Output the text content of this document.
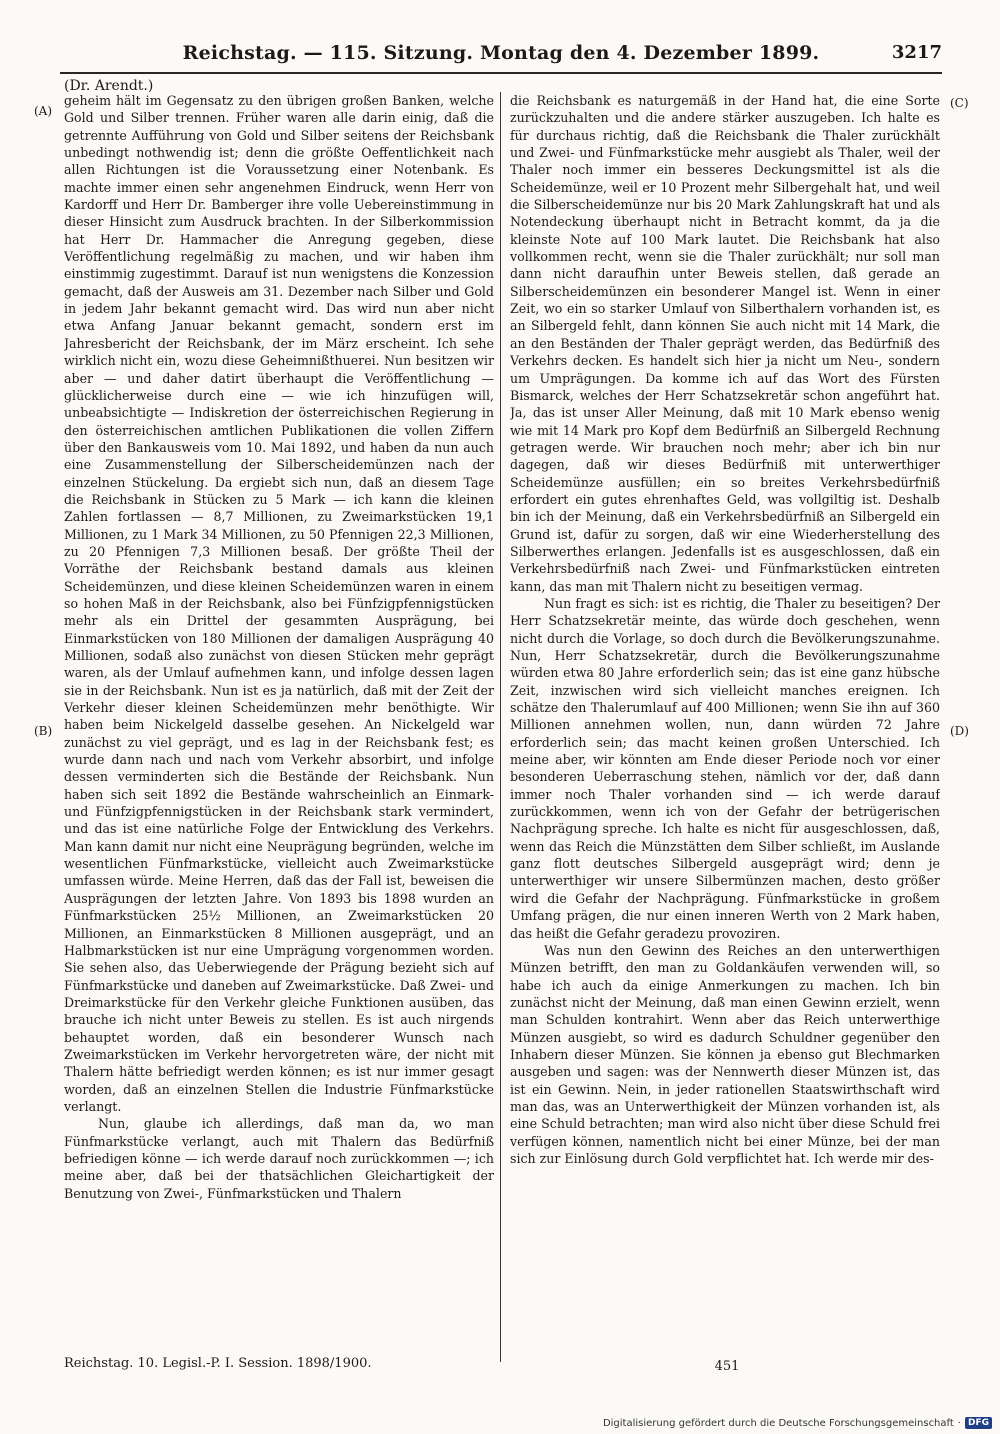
Reichstag. — 115. Sitzung. Montag den 4. Dezember 1899.	3217
(Dr. Arendt.)
(A)
(B)
(C)
(D)

geheim hält im Gegensatz zu den übrigen großen Banken, welche Gold und Silber trennen. Früher waren alle darin einig, daß die getrennte Aufführung von Gold und Silber seitens der Reichsbank unbedingt nothwendig ist; denn die größte Oeffentlichkeit nach allen Richtungen ist die Voraussetzung einer Notenbank. Es machte immer einen sehr angenehmen Eindruck, wenn Herr von Kardorff und Herr Dr. Bamberger ihre volle Uebereinstimmung in dieser Hinsicht zum Ausdruck brachten. In der Silberkommission hat Herr Dr. Hammacher die Anregung gegeben, diese Veröffentlichung regelmäßig zu machen, und wir haben ihm einstimmig zugestimmt. Darauf ist nun wenigstens die Konzession gemacht, daß der Ausweis am 31. Dezember nach Silber und Gold in jedem Jahr bekannt gemacht wird. Das wird nun aber nicht etwa Anfang Januar bekannt gemacht, sondern erst im Jahresbericht der Reichsbank, der im März erscheint. Ich sehe wirklich nicht ein, wozu diese Geheimnißthuerei. Nun besitzen wir aber — und daher datirt überhaupt die Veröffentlichung — glücklicherweise durch eine — wie ich hinzufügen will, unbeabsichtigte — Indiskretion der österreichischen Regierung in den österreichischen amtlichen Publikationen die vollen Ziffern über den Bankausweis vom 10. Mai 1892, und haben da nun auch eine Zusammenstellung der Silberscheidemünzen nach der einzelnen Stückelung. Da ergiebt sich nun, daß an diesem Tage die Reichsbank in Stücken zu 5 Mark — ich kann die kleinen Zahlen fortlassen — 8,7 Millionen, zu Zweimarkstücken 19,1 Millionen, zu 1 Mark 34 Millionen, zu 50 Pfennigen 22,3 Millionen, zu 20 Pfennigen 7,3 Millionen besaß. Der größte Theil der Vorräthe der Reichsbank bestand damals aus kleinen Scheidemünzen, und diese kleinen Scheidemünzen waren in einem so hohen Maß in der Reichsbank, also bei Fünfzigpfennigstücken mehr als ein Drittel der gesammten Ausprägung, bei Einmarkstücken von 180 Millionen der damaligen Ausprägung 40 Millionen, sodaß also zunächst von diesen Stücken mehr geprägt waren, als der Umlauf aufnehmen kann, und infolge dessen lagen sie in der Reichsbank. Nun ist es ja natürlich, daß mit der Zeit der Verkehr dieser kleinen Scheidemünzen mehr benöthigte. Wir haben beim Nickelgeld dasselbe gesehen. An Nickelgeld war zunächst zu viel geprägt, und es lag in der Reichsbank fest; es wurde dann nach und nach vom Verkehr absorbirt, und infolge dessen verminderten sich die Bestände der Reichsbank. Nun haben sich seit 1892 die Bestände wahrscheinlich an Einmark- und Fünfzigpfennigstücken in der Reichsbank stark vermindert, und das ist eine natürliche Folge der Entwicklung des Verkehrs. Man kann damit nur nicht eine Neuprägung begründen, welche im wesentlichen Fünfmarkstücke, vielleicht auch Zweimarkstücke umfassen würde. Meine Herren, daß das der Fall ist, beweisen die Ausprägungen der letzten Jahre. Von 1893 bis 1898 wurden an Fünfmarkstücken 25½ Millionen, an Zweimarkstücken 20 Millionen, an Einmarkstücken 8 Millionen ausgeprägt, und an Halbmarkstücken ist nur eine Umprägung vorgenommen worden. Sie sehen also, das Ueberwiegende der Prägung bezieht sich auf Fünfmarkstücke und daneben auf Zweimarkstücke. Daß Zwei- und Dreimarkstücke für den Verkehr gleiche Funktionen ausüben, das brauche ich nicht unter Beweis zu stellen. Es ist auch nirgends behauptet worden, daß ein besonderer Wunsch nach Zweimarkstücken im Verkehr hervorgetreten wäre, der nicht mit Thalern hätte befriedigt werden können; es ist nur immer gesagt worden, daß an einzelnen Stellen die Industrie Fünfmarkstücke verlangt.

Nun, glaube ich allerdings, daß man da, wo man Fünfmarkstücke verlangt, auch mit Thalern das Bedürfniß befriedigen könne — ich werde darauf noch zurückkommen —; ich meine aber, daß bei der thatsächlichen Gleichartigkeit der Benutzung von Zwei-, Fünfmarkstücken und Thalern

die Reichsbank es naturgemäß in der Hand hat, die eine Sorte zurückzuhalten und die andere stärker auszugeben. Ich halte es für durchaus richtig, daß die Reichsbank die Thaler zurückhält und Zwei- und Fünfmarkstücke mehr ausgiebt als Thaler, weil der Thaler noch immer ein besseres Deckungsmittel ist als die Scheidemünze, weil er 10 Prozent mehr Silbergehalt hat, und weil die Silberscheidemünze nur bis 20 Mark Zahlungskraft hat und als Notendeckung überhaupt nicht in Betracht kommt, da ja die kleinste Note auf 100 Mark lautet. Die Reichsbank hat also vollkommen recht, wenn sie die Thaler zurückhält; nur soll man dann nicht daraufhin unter Beweis stellen, daß gerade an Silberscheidemünzen ein besonderer Mangel ist. Wenn in einer Zeit, wo ein so starker Umlauf von Silberthalern vorhanden ist, es an Silbergeld fehlt, dann können Sie auch nicht mit 14 Mark, die an den Beständen der Thaler geprägt werden, das Bedürfniß des Verkehrs decken. Es handelt sich hier ja nicht um Neu-, sondern um Umprägungen. Da komme ich auf das Wort des Fürsten Bismarck, welches der Herr Schatzsekretär schon angeführt hat. Ja, das ist unser Aller Meinung, daß mit 10 Mark ebenso wenig wie mit 14 Mark pro Kopf dem Bedürfniß an Silbergeld Rechnung getragen werde. Wir brauchen noch mehr; aber ich bin nur dagegen, daß wir dieses Bedürfniß mit unterwerthiger Scheidemünze ausfüllen; ein so breites Verkehrsbedürfniß erfordert ein gutes ehrenhaftes Geld, was vollgiltig ist. Deshalb bin ich der Meinung, daß ein Verkehrsbedürfniß an Silbergeld ein Grund ist, dafür zu sorgen, daß wir eine Wiederherstellung des Silberwerthes erlangen. Jedenfalls ist es ausgeschlossen, daß ein Verkehrsbedürfniß nach Zwei- und Fünfmarkstücken eintreten kann, das man mit Thalern nicht zu beseitigen vermag.

Nun fragt es sich: ist es richtig, die Thaler zu beseitigen? Der Herr Schatzsekretär meinte, das würde doch geschehen, wenn nicht durch die Vorlage, so doch durch die Bevölkerungszunahme. Nun, Herr Schatzsekretär, durch die Bevölkerungszunahme würden etwa 80 Jahre erforderlich sein; das ist eine ganz hübsche Zeit, inzwischen wird sich vielleicht manches ereignen. Ich schätze den Thalerumlauf auf 400 Millionen; wenn Sie ihn auf 360 Millionen annehmen wollen, nun, dann würden 72 Jahre erforderlich sein; das macht keinen großen Unterschied. Ich meine aber, wir könnten am Ende dieser Periode noch vor einer besonderen Ueberraschung stehen, nämlich vor der, daß dann immer noch Thaler vorhanden sind — ich werde darauf zurückkommen, wenn ich von der Gefahr der betrügerischen Nachprägung spreche. Ich halte es nicht für ausgeschlossen, daß, wenn das Reich die Münzstätten dem Silber schließt, im Auslande ganz flott deutsches Silbergeld ausgeprägt wird; denn je unterwerthiger wir unsere Silbermünzen machen, desto größer wird die Gefahr der Nachprägung. Fünfmarkstücke in großem Umfang prägen, die nur einen inneren Werth von 2 Mark haben, das heißt die Gefahr geradezu provoziren.

Was nun den Gewinn des Reiches an den unterwerthigen Münzen betrifft, den man zu Goldankäufen verwenden will, so habe ich auch da einige Anmerkungen zu machen. Ich bin zunächst nicht der Meinung, daß man einen Gewinn erzielt, wenn man Schulden kontrahirt. Wenn aber das Reich unterwerthige Münzen ausgiebt, so wird es dadurch Schuldner gegenüber den Inhabern dieser Münzen. Sie können ja ebenso gut Blechmarken ausgeben und sagen: was der Nennwerth dieser Münzen ist, das ist ein Gewinn. Nein, in jeder rationellen Staatswirthschaft wird man das, was an Unterwerthigkeit der Münzen vorhanden ist, als eine Schuld betrachten; man wird also nicht über diese Schuld frei verfügen können, namentlich nicht bei einer Münze, bei der man sich zur Einlösung durch Gold verpflichtet hat. Ich werde mir des-

Reichstag. 10. Legisl.-P. I. Session. 1898/1900.	451
Digitalisierung gefördert durch die Deutsche Forschungsgemeinschaft · DFG
